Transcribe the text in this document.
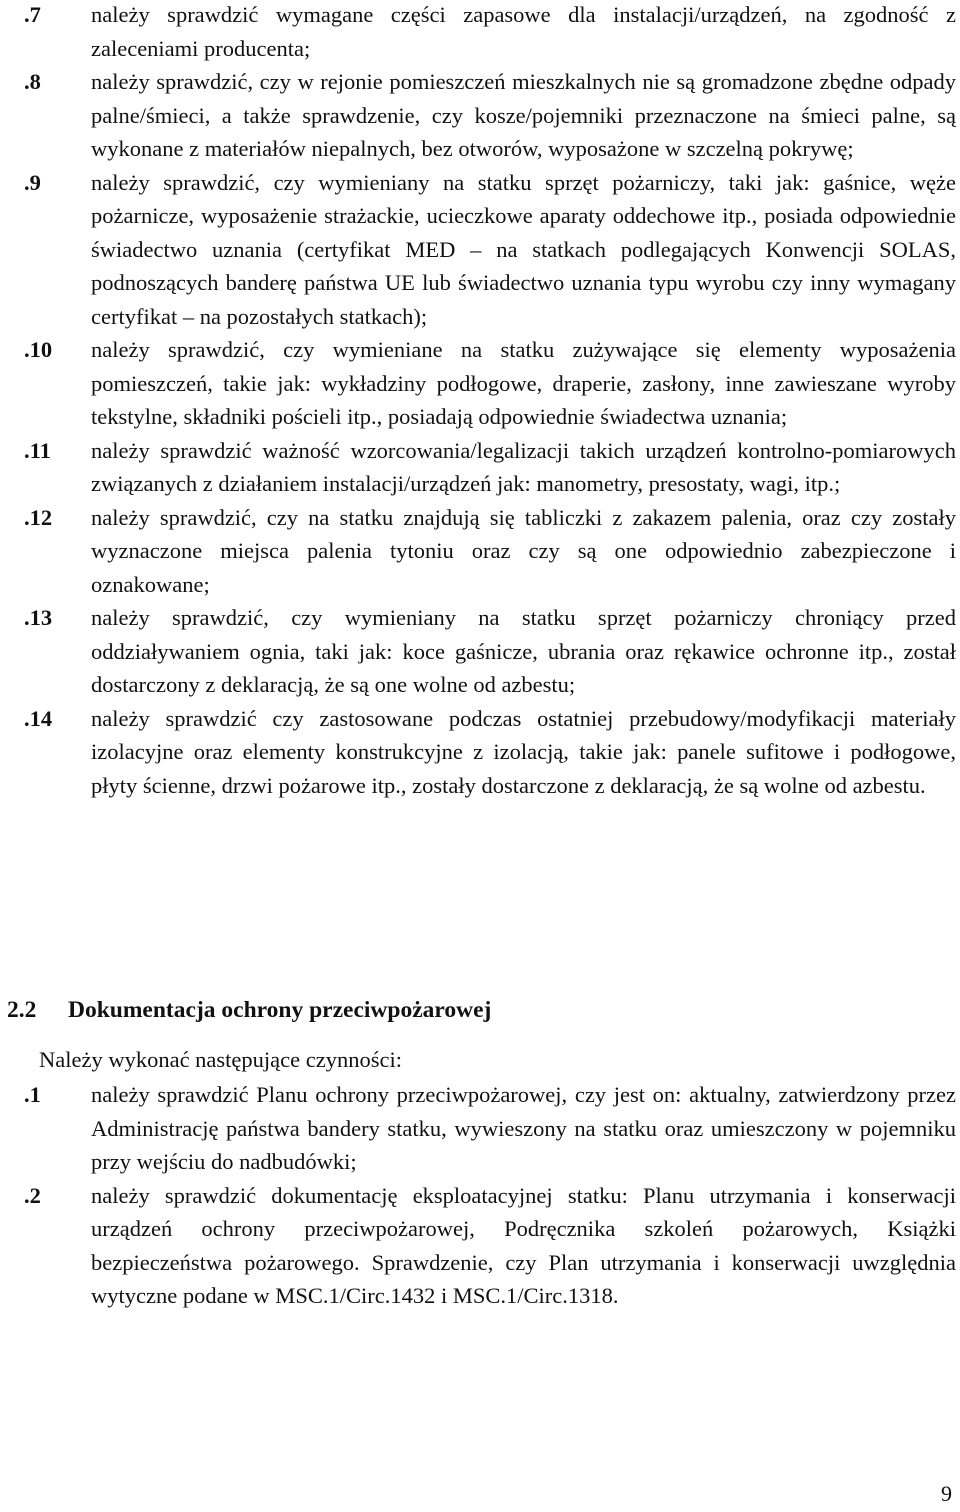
.7 należy sprawdzić wymagane części zapasowe dla instalacji/urządzeń, na zgodność z zaleceniami producenta;
.8 należy sprawdzić, czy w rejonie pomieszczeń mieszkalnych nie są gromadzone zbędne odpady palne/śmieci, a także sprawdzenie, czy kosze/pojemniki przeznaczone na śmieci palne, są wykonane z materiałów niepalnych, bez otworów, wyposażone w szczelną pokrywę;
.9 należy sprawdzić, czy wymieniany na statku sprzęt pożarniczy, taki jak: gaśnice, węże pożarnicze, wyposażenie strażackie, ucieczkowe aparaty oddechowe itp., posiada odpowiednie świadectwo uznania (certyfikat MED – na statkach podlegających Konwencji SOLAS, podnoszących banderę państwa UE lub świadectwo uznania typu wyrobu czy inny wymagany certyfikat – na pozostałych statkach);
.10 należy sprawdzić, czy wymieniane na statku zużywające się elementy wyposażenia pomieszczeń, takie jak: wykładziny podłogowe, draperie, zasłony, inne zawieszane wyroby tekstylne, składniki pościeli itp., posiadają odpowiednie świadectwa uznania;
.11 należy sprawdzić ważność wzorcowania/legalizacji takich urządzeń kontrolno-pomiarowych związanych z działaniem instalacji/urządzeń jak: manometry, presostaty, wagi, itp.;
.12 należy sprawdzić, czy na statku znajdują się tabliczki z zakazem palenia, oraz czy zostały wyznaczone miejsca palenia tytoniu oraz czy są one odpowiednio zabezpieczone i oznakowane;
.13 należy sprawdzić, czy wymieniany na statku sprzęt pożarniczy chroniący przed oddziaływaniem ognia, taki jak: koce gaśnicze, ubrania oraz rękawice ochronne itp., został dostarczony z deklaracją, że są one wolne od azbestu;
.14 należy sprawdzić czy zastosowane podczas ostatniej przebudowy/modyfikacji materiały izolacyjne oraz elementy konstrukcyjne z izolacją, takie jak: panele sufitowe i podłogowe, płyty ścienne, drzwi pożarowe itp., zostały dostarczone z deklaracją, że są wolne od azbestu.
2.2 Dokumentacja ochrony przeciwpożarowej
Należy wykonać następujące czynności:
.1 należy sprawdzić Planu ochrony przeciwpożarowej, czy jest on: aktualny, zatwierdzony przez Administrację państwa bandery statku, wywieszony na statku oraz umieszczony w pojemniku przy wejściu do nadbudówki;
.2 należy sprawdzić dokumentację eksploatacyjnej statku: Planu utrzymania i konserwacji urządzeń ochrony przeciwpożarowej, Podręcznika szkoleń pożarowych, Książki bezpieczeństwa pożarowego. Sprawdzenie, czy Plan utrzymania i konserwacji uwzględnia wytyczne podane w MSC.1/Circ.1432 i MSC.1/Circ.1318.
9
